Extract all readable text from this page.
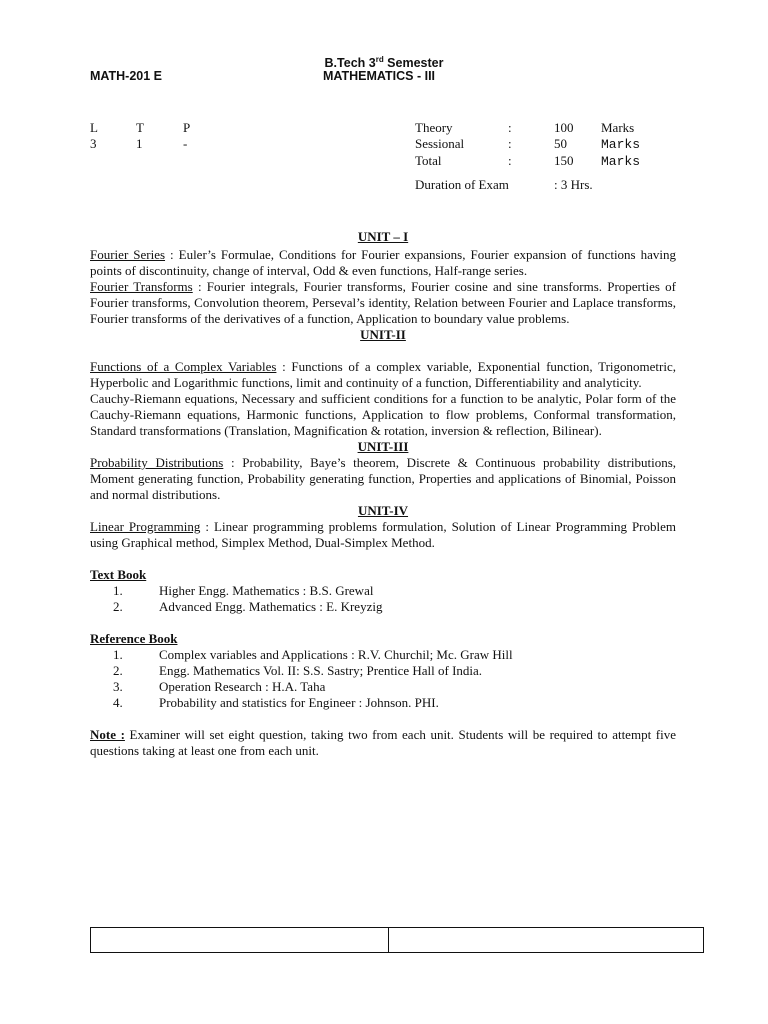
B.Tech 3rd Semester
MATH-201 E	MATHEMATICS - III
L	T	P
3	1	-
Theory	:	100 Marks
Sessional	:	50	Marks
Total	:	150 Marks
Duration of Exam	: 3 Hrs.
UNIT – I
Fourier Series : Euler’s Formulae, Conditions for Fourier expansions, Fourier expansion of functions having points of discontinuity, change of interval, Odd & even functions, Half-range series.
Fourier Transforms : Fourier integrals, Fourier transforms, Fourier cosine and sine transforms. Properties of Fourier transforms, Convolution theorem, Perseval’s identity, Relation between Fourier and Laplace transforms, Fourier transforms of the derivatives of a function, Application to boundary value problems.
UNIT-II
Functions of a Complex Variables : Functions of a complex variable, Exponential function, Trigonometric, Hyperbolic and Logarithmic functions, limit and continuity of a function, Differentiability and analyticity.
Cauchy-Riemann equations, Necessary and sufficient conditions for a function to be analytic, Polar form of the Cauchy-Riemann equations, Harmonic functions, Application to flow problems, Conformal transformation, Standard transformations (Translation, Magnification & rotation, inversion & reflection, Bilinear).
UNIT-III
Probability Distributions : Probability, Baye’s theorem, Discrete & Continuous probability distributions, Moment generating function, Probability generating function, Properties and applications of Binomial, Poisson and normal distributions.
UNIT-IV
Linear Programming : Linear programming problems formulation, Solution of Linear Programming Problem using Graphical method, Simplex Method, Dual-Simplex Method.
Text Book
1.	Higher Engg. Mathematics : B.S. Grewal
2.	Advanced Engg. Mathematics : E. Kreyzig
Reference Book
1.	Complex variables and Applications : R.V. Churchil; Mc. Graw Hill
2.	Engg. Mathematics Vol. II: S.S. Sastry; Prentice Hall of India.
3.	Operation Research : H.A. Taha
4.	Probability and statistics for Engineer : Johnson. PHI.
Note : Examiner will set eight question, taking two from each unit. Students will be required to attempt five questions taking at least one from each unit.
